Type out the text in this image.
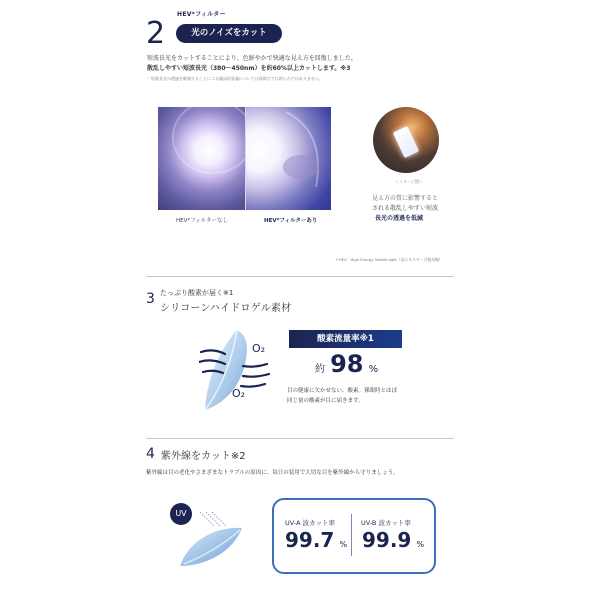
2
HEV*フィルター
光のノイズをカット
短波長光をカットすることにより、色鮮やかで快適な見え方を回復しました。
散乱しやすい短波長光（380～450nm）を約60%以上カットします。※3
・短波長光の透過を軽減することによる臨床的意義については現時点では明らかではありません。
HEV*フィルターなし	HEV*フィルターあり
＜イメージ図＞
見え方の質に影響すると
される散乱しやすい短波
長光の透過を低減
＊HEV：High Energy Visible light（高エネルギー可視光線）
3 たっぷり酸素が届く※1
シリコーンハイドロゲル素材
O₂
O₂
酸素流量率※1
約 98 %
目の健康に欠かせない、酸素。裸眼時とほぼ
同じ量の酸素が目に届きます。
4 紫外線をカット※2
紫外線は目の老化やさまざまなトラブルの原因に。毎日の装用で大切な目を紫外線から守りましょう。
UV
UV-A 波カット率	UV-B 波カット率
99.7 % 99.9 %
